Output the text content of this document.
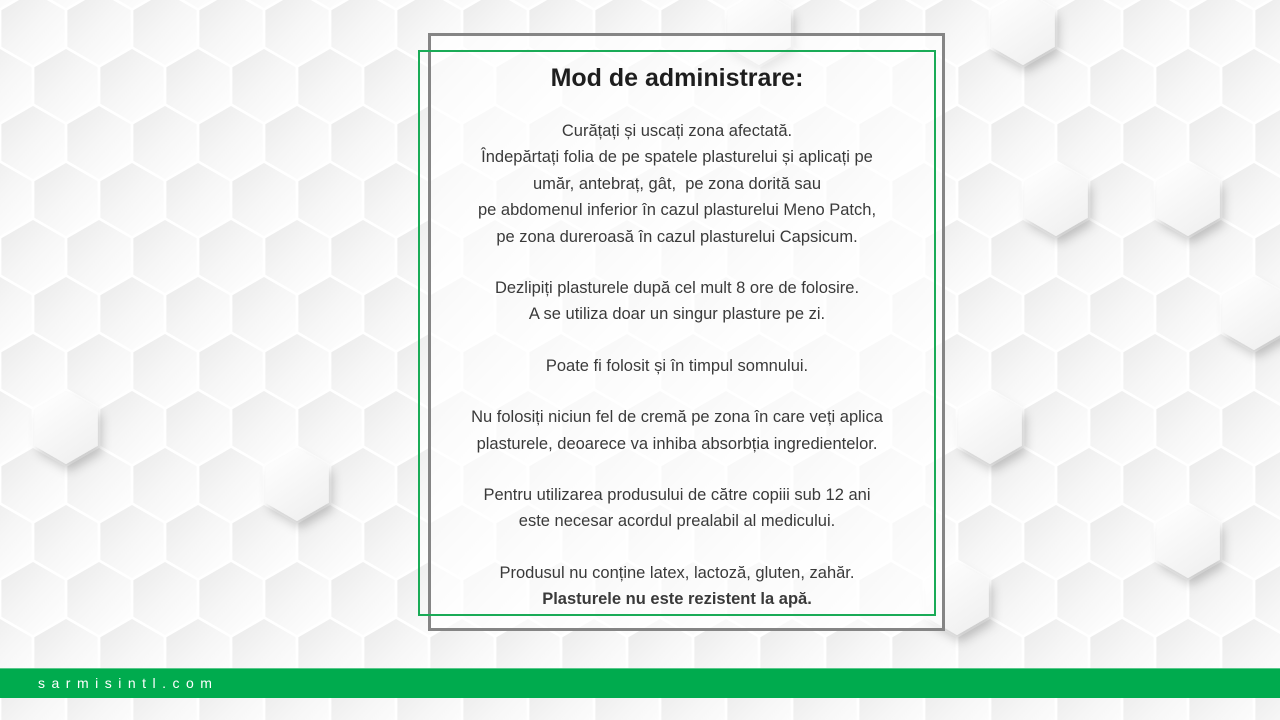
Mod de administrare:
Curățați și uscați zona afectată.
Îndepărtați folia de pe spatele plasturelui și aplicați pe
umăr, antebraț, gât,  pe zona dorită sau
pe abdomenul inferior în cazul plasturelui Meno Patch,
pe zona dureroasă în cazul plasturelui Capsicum.
Dezlipiți plasturele după cel mult 8 ore de folosire.
A se utiliza doar un singur plasture pe zi.
Poate fi folosit și în timpul somnului.
Nu folosiți niciun fel de cremă pe zona în care veți aplica
plasturele, deoarece va inhiba absorbția ingredientelor.
Pentru utilizarea produsului de către copiii sub 12 ani
este necesar acordul prealabil al medicului.
Produsul nu conține latex, lactoză, gluten, zahăr.
Plasturele nu este rezistent la apă.
sarmisintl.com
